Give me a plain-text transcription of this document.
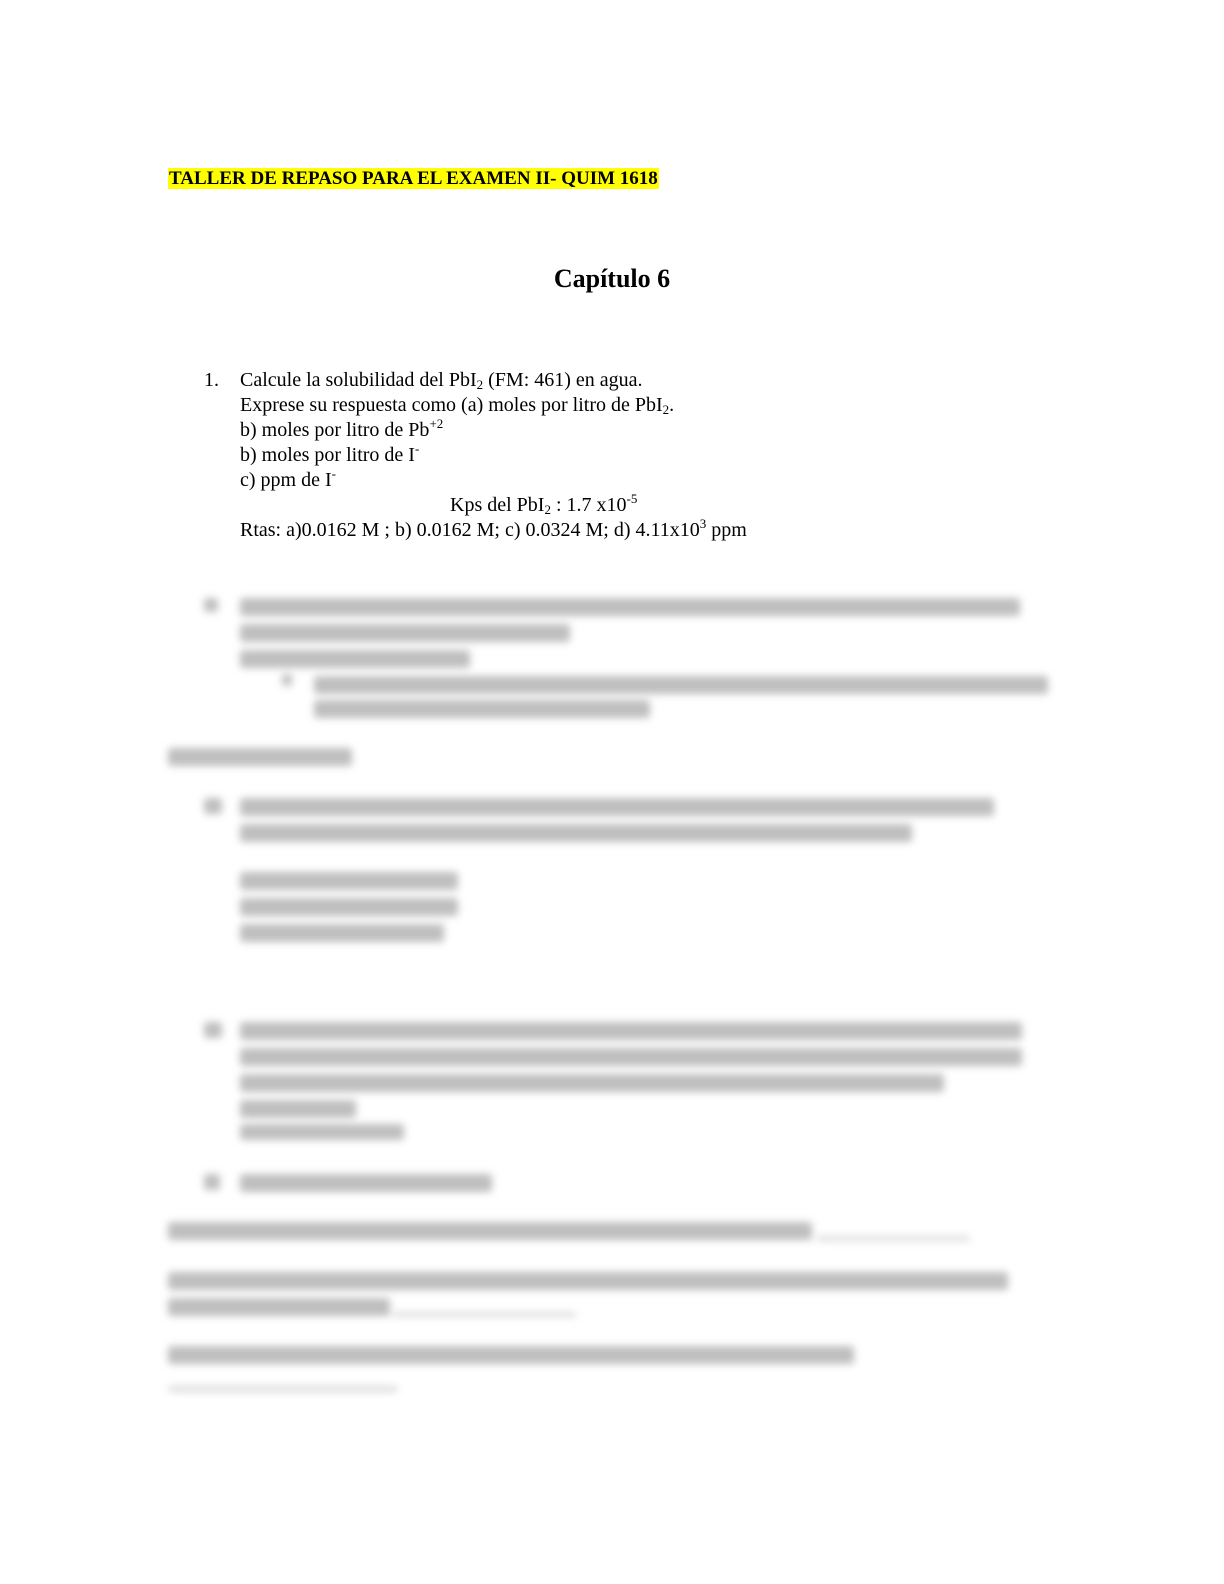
TALLER DE REPASO PARA EL EXAMEN II- QUIM 1618
Capítulo 6
1. Calcule la solubilidad del PbI$_2$ (FM: 461) en agua.
Exprese su respuesta como (a) moles por litro de PbI$_2$.
b) moles por litro de $Pb^{+2}$
b) moles por litro de I-
c) ppm de I-
Kps del PbI$_2$ : 1.7 $x10^{-5}$
Rtas: a)0.0162 M ; b) 0.0162 M; c) 0.0324 M; d) $4.11x10^3$ ppm
